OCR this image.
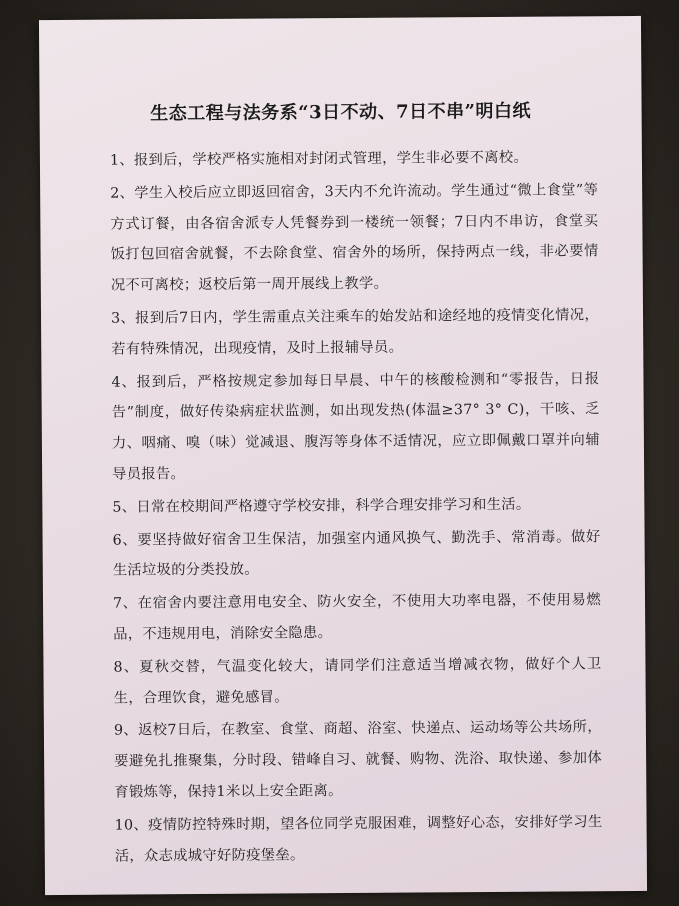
生态工程与法务系“3日不动、7日不串”明白纸

1、报到后，学校严格实施相对封闭式管理，学生非必要不离校。

2、学生入校后应立即返回宿舍，3天内不允许流动。学生通过“微上食堂”等方式订餐，由各宿舍派专人凭餐券到一楼统一领餐；7日内不串访，食堂买饭打包回宿舍就餐，不去除食堂、宿舍外的场所，保持两点一线，非必要情况不可离校；返校后第一周开展线上教学。

3、报到后7日内，学生需重点关注乘车的始发站和途经地的疫情变化情况，若有特殊情况，出现疫情，及时上报辅导员。

4、报到后，严格按规定参加每日早晨、中午的核酸检测和“零报告，日报告”制度，做好传染病症状监测，如出现发热(体温≥37° 3° C)，干咳、乏力、咽痛、嗅（味）觉减退、腹泻等身体不适情况，应立即佩戴口罩并向辅导员报告。

5、日常在校期间严格遵守学校安排，科学合理安排学习和生活。

6、要坚持做好宿舍卫生保洁，加强室内通风换气、勤洗手、常消毒。做好生活垃圾的分类投放。

7、在宿舍内要注意用电安全、防火安全，不使用大功率电器，不使用易燃品，不违规用电，消除安全隐患。

8、夏秋交替，气温变化较大，请同学们注意适当增减衣物，做好个人卫生，合理饮食，避免感冒。

9、返校7日后，在教室、食堂、商超、浴室、快递点、运动场等公共场所，要避免扎推聚集，分时段、错峰自习、就餐、购物、洗浴、取快递、参加体育锻炼等，保持1米以上安全距离。

10、疫情防控特殊时期，望各位同学克服困难，调整好心态，安排好学习生活，众志成城守好防疫堡垒。
